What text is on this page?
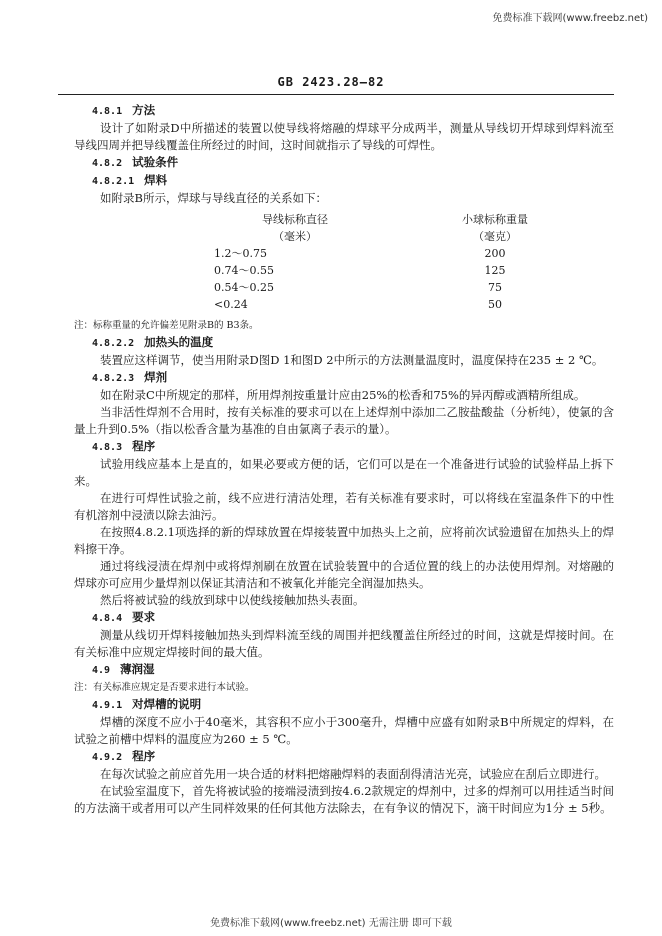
免费标准下载网(www.freebz.net)
GB 2423.28—82
4.8.1 方法

设计了如附录D中所描述的装置以使导线将熔融的焊球平分成两半，测量从导线切开焊球到焊料流至导线四周并把导线覆盖住所经过的时间，这时间就指示了导线的可焊性。

4.8.2 试验条件
4.8.2.1 焊料

如附录B所示，焊球与导线直径的关系如下：

导线标称直径	小球标称重量
（毫米）	（毫克）
1.2～0.75	200
0.74～0.55	125
0.54～0.25	75
<0.24	50

注：标称重量的允许偏差见附录B的 B3条。

4.8.2.2 加热头的温度

装置应这样调节，使当用附录D图D 1和图D 2中所示的方法测量温度时，温度保持在235 ± 2 ℃。

4.8.2.3 焊剂

如在附录C中所规定的那样，所用焊剂按重量计应由25%的松香和75%的异丙醇或酒精所组成。

当非活性焊剂不合用时，按有关标准的要求可以在上述焊剂中添加二乙胺盐酸盐（分析纯），使氯的含量上升到0.5%（指以松香含量为基准的自由氯离子表示的量）。

4.8.3 程序

试验用线应基本上是直的，如果必要或方便的话，它们可以是在一个准备进行试验的试验样品上拆下来。

在进行可焊性试验之前，线不应进行清洁处理，若有关标准有要求时，可以将线在室温条件下的中性有机溶剂中浸渍以除去油污。

在按照4.8.2.1项选择的新的焊球放置在焊接装置中加热头上之前，应将前次试验遗留在加热头上的焊料擦干净。

通过将线浸渍在焊剂中或将焊剂刷在放置在试验装置中的合适位置的线上的办法使用焊剂。对熔融的焊球亦可应用少量焊剂以保证其清洁和不被氧化并能完全润湿加热头。

然后将被试验的线放到球中以使线接触加热头表面。

4.8.4 要求

测量从线切开焊料接触加热头到焊料流至线的周围并把线覆盖住所经过的时间，这就是焊接时间。在有关标准中应规定焊接时间的最大值。

4.9 薄润湿

注：有关标准应规定是否要求进行本试验。

4.9.1 对焊槽的说明

焊槽的深度不应小于40毫米，其容积不应小于300毫升，焊槽中应盛有如附录B中所规定的焊料，在试验之前槽中焊料的温度应为260 ± 5 ℃。

4.9.2 程序

在每次试验之前应首先用一块合适的材料把熔融焊料的表面刮得清洁光亮，试验应在刮后立即进行。

在试验室温度下，首先将被试验的接端浸渍到按4.6.2款规定的焊剂中，过多的焊剂可以用挂适当时间的方法滴干或者用可以产生同样效果的任何其他方法除去，在有争议的情况下，滴干时间应为1分 ± 5秒。

免费标准下载网(www.freebz.net) 无需注册 即可下载
